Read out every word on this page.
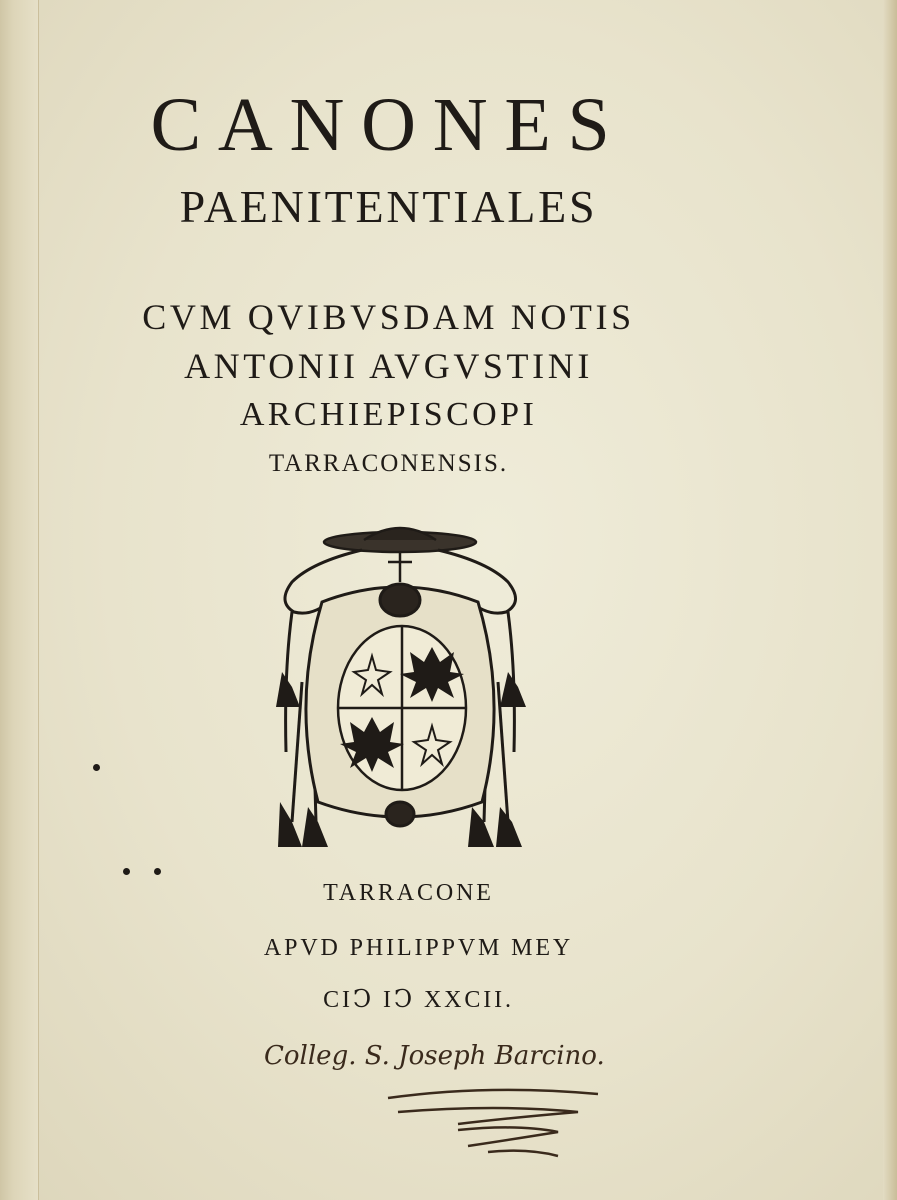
CANONES
PAENITENTIALES
CVM QVIBVSDAM NOTIS
ANTONII AVGVSTINI
ARCHIEPISCOPI
TARRACONENSIS.
TARRACONE
APVD PHILIPPVM MEY
CIↃ IↃ XXCII.
Colleg. S. Joseph Barcino.
